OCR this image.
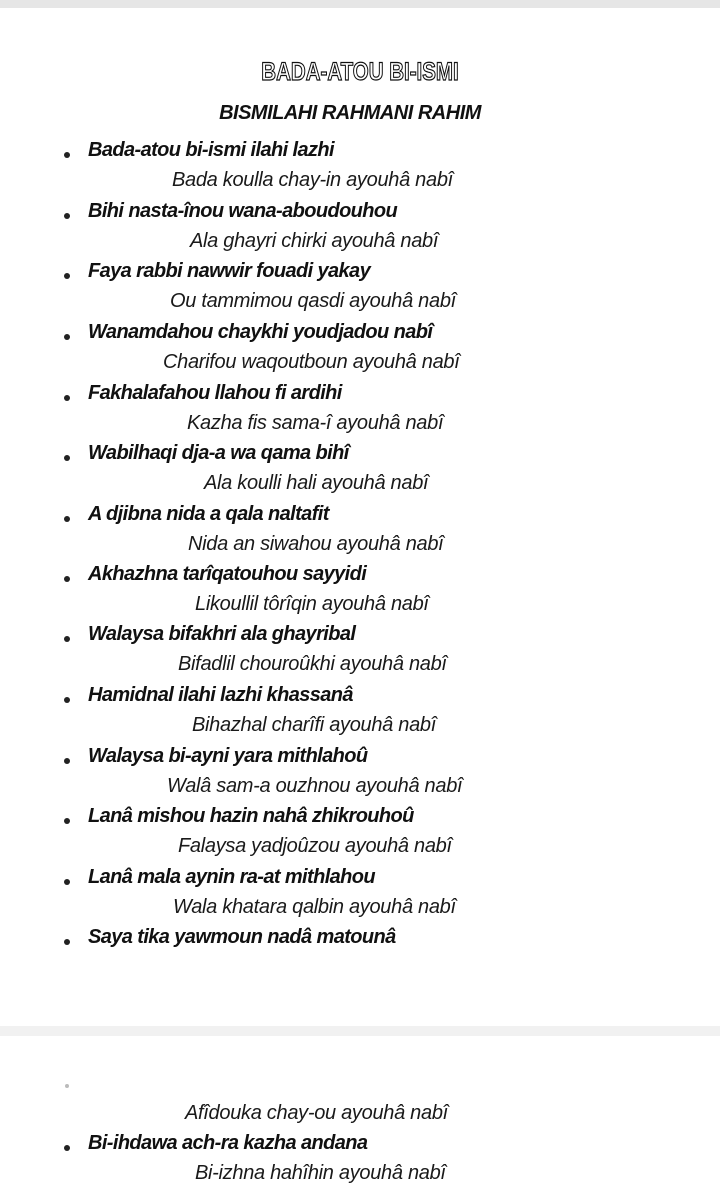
BADA-ATOU BI-ISMI
BISMILAHI RAHMANI RAHIM
Bada-atou bi-ismi ilahi lazhi
Bada koulla chay-in ayouhâ nabî
Bihi nasta-înou wana-aboudouhou
Ala ghayri chirki ayouhâ nabî
Faya rabbi nawwir fouadi yakay
Ou tammimou qasdi ayouhâ nabî
Wanamdahou chaykhi youdjadou nabî
Charifou waqoutboun ayouhâ nabî
Fakhalafahou llahou fi ardihi
Kazha fis sama-î ayouhâ nabî
Wabilhaqi dja-a wa qama bihî
Ala koulli hali ayouhâ nabî
A djibna nida a qala naltafit
Nida an siwahou ayouhâ nabî
Akhazhna tarîqatouhou sayyidi
Likoullil tôrîqin ayouhâ nabî
Walaysa bifakhri ala ghayribal
Bifadlil chouroûkhi ayouhâ nabî
Hamidnal ilahi lazhi khassanâ
Bihazhal charîfi ayouhâ nabî
Walaysa bi-ayni yara mithlahoû
Walâ sam-a ouzhnou ayouhâ nabî
Lanâ mishou hazin nahâ zhikrouhoû
Falaysa yadjoûzou ayouhâ nabî
Lanâ mala aynin ra-at mithlahou
Wala khatara qalbin ayouhâ nabî
Saya tika yawmoun nadâ matounâ
Afîdouka chay-ou ayouhâ nabî
Bi-ihdawa ach-ra kazha andana
Bi-izhna hahîhin ayouhâ nabî
